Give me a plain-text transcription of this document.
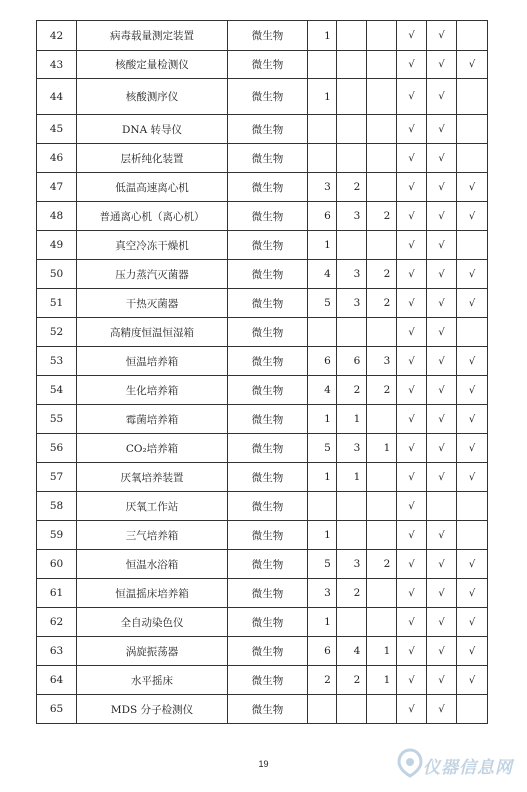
42	病毒载量测定装置	微生物	1			√	√	
43	核酸定量检测仪	微生物				√	√	√
44	核酸测序仪	微生物	1			√	√	
45	DNA 转导仪	微生物				√	√	
46	层析纯化装置	微生物				√	√	
47	低温高速离心机	微生物	3	2		√	√	√
48	普通离心机（离心机）	微生物	6	3	2	√	√	√
49	真空冷冻干燥机	微生物	1			√	√	
50	压力蒸汽灭菌器	微生物	4	3	2	√	√	√
51	干热灭菌器	微生物	5	3	2	√	√	√
52	高精度恒温恒湿箱	微生物				√	√	
53	恒温培养箱	微生物	6	6	3	√	√	√
54	生化培养箱	微生物	4	2	2	√	√	√
55	霉菌培养箱	微生物	1	1		√	√	√
56	CO₂培养箱	微生物	5	3	1	√	√	√
57	厌氧培养装置	微生物	1	1		√	√	√
58	厌氧工作站	微生物				√		
59	三气培养箱	微生物	1			√	√	
60	恒温水浴箱	微生物	5	3	2	√	√	√
61	恒温摇床培养箱	微生物	3	2		√	√	√
62	全自动染色仪	微生物	1			√	√	√
63	涡旋振荡器	微生物	6	4	1	√	√	√
64	水平摇床	微生物	2	2	1	√	√	√
65	MDS 分子检测仪	微生物				√	√	
19	仪器信息网
